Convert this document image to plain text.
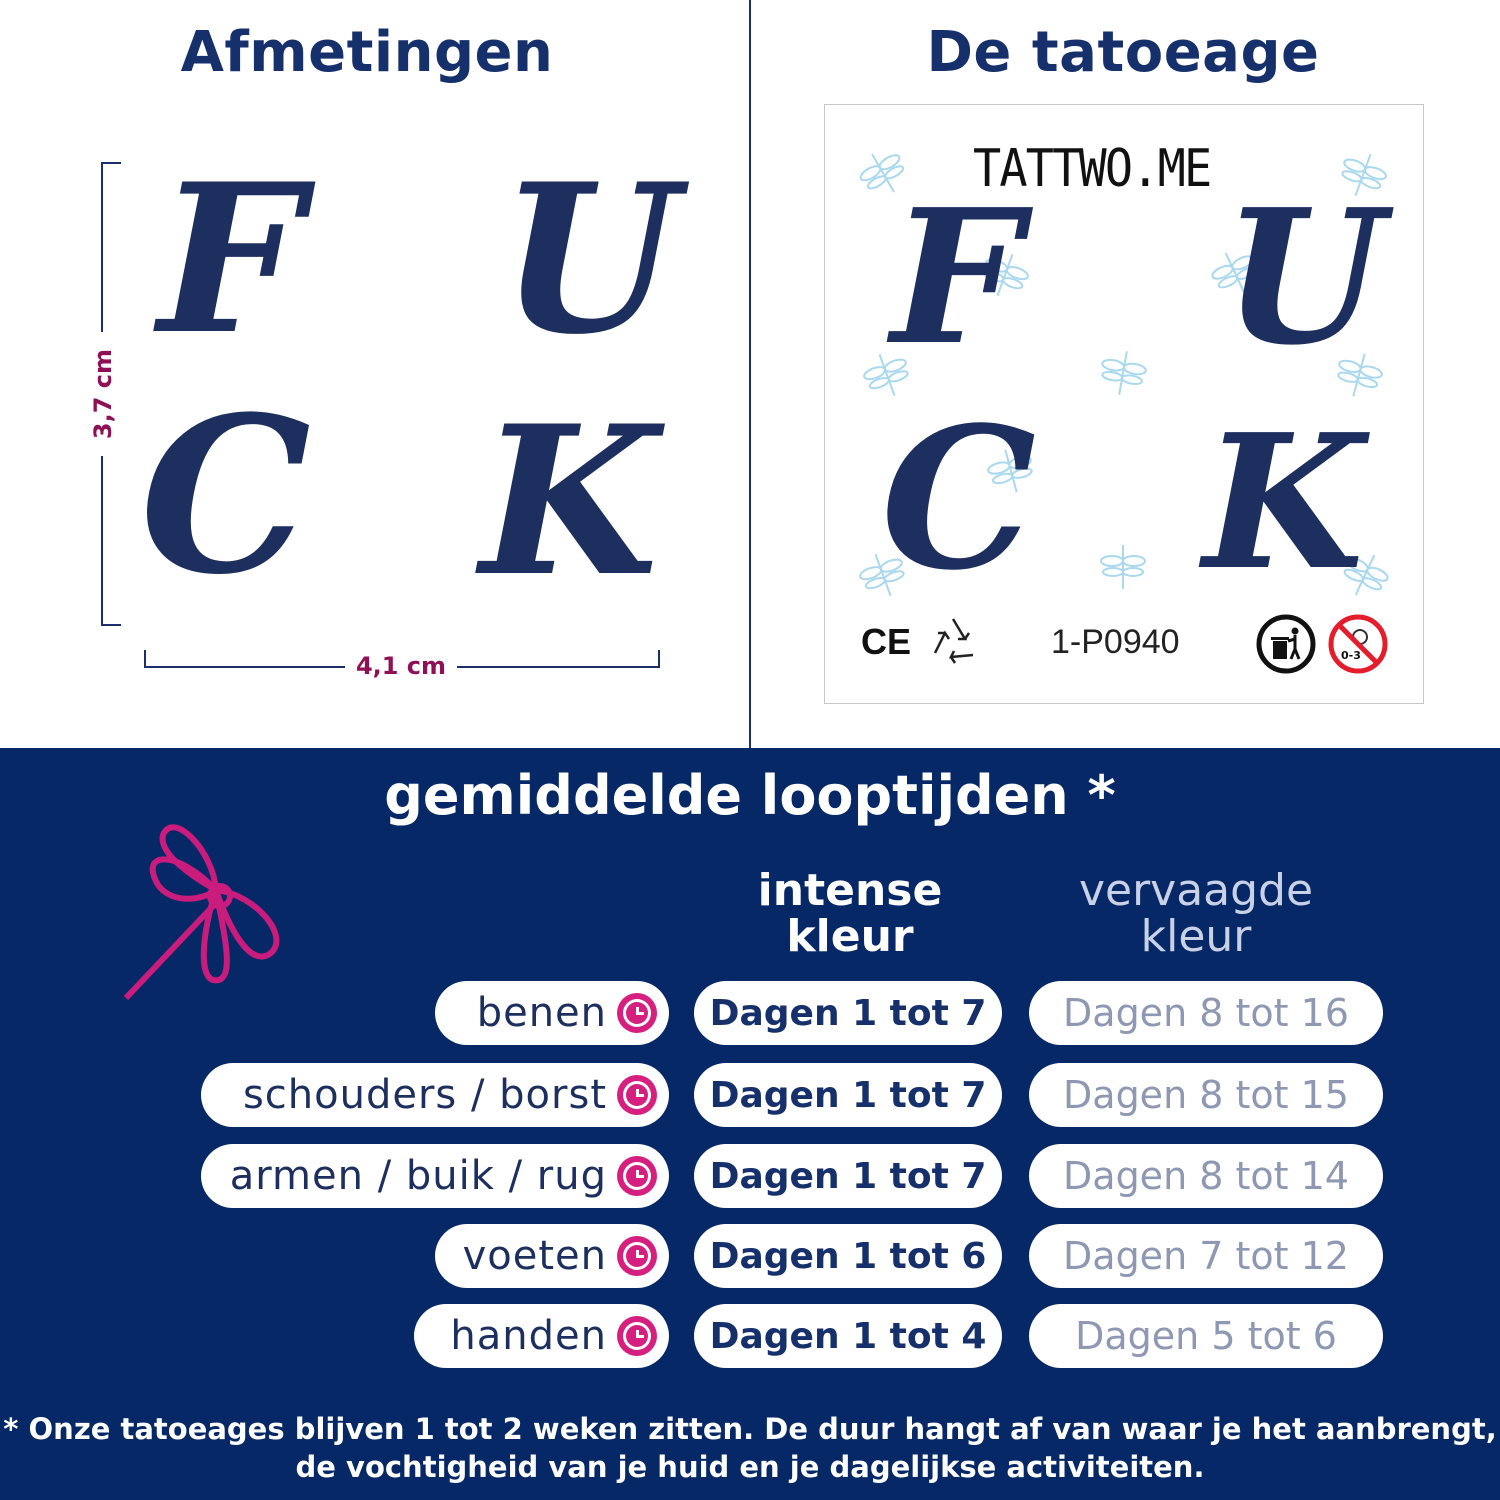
Afmetingen
3,7 cm
4,1 cm
F U
C K
De tatoeage
TATTWO.ME
F U
C K
CE	1-P0940	0-3
gemiddelde looptijden *
intense
kleur
vervaagde
kleur
benen	Dagen 1 tot 7 Dagen 8 tot 16
schouders / borst	Dagen 1 tot 7 Dagen 8 tot 15
armen / buik / rug	Dagen 1 tot 7 Dagen 8 tot 14
voeten	Dagen 1 tot 6 Dagen 7 tot 12
handen	Dagen 1 tot 4 Dagen 5 tot 6
* Onze tatoeages blijven 1 tot 2 weken zitten. De duur hangt af van waar je het aanbrengt,
de vochtigheid van je huid en je dagelijkse activiteiten.
